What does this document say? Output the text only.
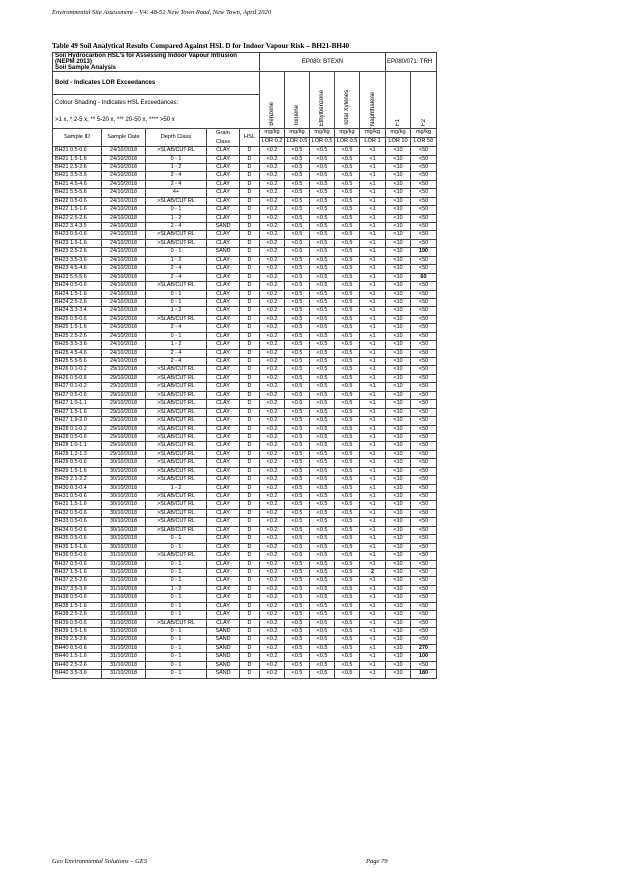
Environmental Site Assessment – V4: 48-52 New Town Road, New Town, April 2020
Table 49 Soil Analytical Results Compared Against HSL D for Indoor Vapour Risk – BH21-BH40
Soil Hydrocarbon HSL's for Assessing Indoor Vapour Intrusion
(NEPM 2013)
Soil Sample Analysis					EP080: BTEXN					EP080/071: TRH	

Bold - Indicates LOR Exceedances					Benzene	Toluene	Ethylbenzene	Total Xylenes	Naphthalene	F1	F2
Colour Shading - Indicates HSL Exceedances:											
>1 x, * 2-5 x, ** 5-20 x, *** 20-50 x, **** >50 x											
Sample ID	Sample Date	Depth Class	Grain
Class	HSL	mg/kg	mg/kg	mg/kg	mg/kg	mg/kg	mg/kg	mg/kg
					LOR 0.2	LOR 0.5	LOR 0.5	LOR 0.5	LOR 1	LOR 10	LOR 50
BH21 0.5-0.6	24/10/2018	>SLAB/CUT RL	CLAY	D	<0.2	<0.5	<0.5	<0.5	<1	<10	<50
BH21 1.5-1.6	24/10/2018	0 - 1	CLAY	D	<0.2	<0.5	<0.5	<0.5	<1	<10	<50
BH21 2.5-2.6	24/10/2018	1 - 2	CLAY	D	<0.2	<0.5	<0.5	<0.5	<1	<10	<50
BH21 3.5-3.6	24/10/2018	2 - 4	CLAY	D	<0.2	<0.5	<0.5	<0.5	<1	<10	<50
BH21 4.5-4.6	24/10/2018	2 - 4	CLAY	D	<0.2	<0.5	<0.5	<0.5	<1	<10	<50
BH21 5.5-5.6	24/10/2018	4+	CLAY	D	<0.2	<0.5	<0.5	<0.5	<1	<10	<50
BH22 0.5-0.6	24/10/2018	>SLAB/CUT RL	CLAY	D	<0.2	<0.5	<0.5	<0.5	<1	<10	<50
BH22 1.5-1.6	24/10/2018	0 - 1	CLAY	D	<0.2	<0.5	<0.5	<0.5	<1	<10	<50
BH22 2.5-2.6	24/10/2018	1 - 2	CLAY	D	<0.2	<0.5	<0.5	<0.5	<1	<10	<50
BH22 3.4-3.5	24/10/2018	2 - 4	SAND	D	<0.2	<0.5	<0.5	<0.5	<1	<10	<50
BH23 0.5-0.6	24/10/2018	>SLAB/CUT RL	CLAY	D	<0.2	<0.5	<0.5	<0.5	<1	<10	<50
BH23 1.5-1.6	24/10/2018	>SLAB/CUT RL	CLAY	D	<0.2	<0.5	<0.5	<0.5	<1	<10	<50
BH23 2.5-2.6	24/10/2018	0 - 1	SAND	D	<0.2	<0.5	<0.5	<0.5	<1	<10	190
BH23 3.5-3.6	24/10/2018	1 - 2	CLAY	D	<0.2	<0.5	<0.5	<0.5	<1	<10	<50
BH23 4.5-4.6	24/10/2018	2 - 4	CLAY	D	<0.2	<0.5	<0.5	<0.5	<1	<10	<50
BH23 5.5-5.6	24/10/2018	2 - 4	CLAY	D	<0.2	<0.5	<0.5	<0.5	<1	<10	60
BH24 0.5-0.6	24/10/2018	>SLAB/CUT RL	CLAY	D	<0.2	<0.5	<0.5	<0.5	<1	<10	<50
BH24 1.5-1.6	24/10/2018	0 - 1	CLAY	D	<0.2	<0.5	<0.5	<0.5	<1	<10	<50
BH24 2.5-2.6	24/10/2018	0 - 1	CLAY	D	<0.2	<0.5	<0.5	<0.5	<1	<10	<50
BH24 3.3-3.4	24/10/2018	1 - 2	CLAY	D	<0.2	<0.5	<0.5	<0.5	<1	<10	<50
BH25 0.5-0.6	24/10/2018	>SLAB/CUT RL	CLAY	D	<0.2	<0.5	<0.5	<0.5	<1	<10	<50
BH25 1.5-1.6	24/10/2018	2 - 4	CLAY	D	<0.2	<0.5	<0.5	<0.5	<1	<10	<50
BH25 2.5-2.6	24/10/2018	0 - 1	CLAY	D	<0.2	<0.5	<0.5	<0.5	<1	<10	<50
BH25 3.5-3.6	24/10/2018	1 - 2	CLAY	D	<0.2	<0.5	<0.5	<0.5	<1	<10	<50
BH25 4.5-4.6	24/10/2018	2 - 4	CLAY	D	<0.2	<0.5	<0.5	<0.5	<1	<10	<50
BH25 5.5-5.6	24/10/2018	2 - 4	CLAY	D	<0.2	<0.5	<0.5	<0.5	<1	<10	<50
BH26 0.1-0.2	29/10/2018	>SLAB/CUT RL	CLAY	D	<0.2	<0.5	<0.5	<0.5	<1	<10	<50
BH26 0.5-0.6	29/10/2018	>SLAB/CUT RL	CLAY	D	<0.2	<0.5	<0.5	<0.5	<1	<10	<50
BH27 0.1-0.2	29/10/2018	>SLAB/CUT RL	CLAY	D	<0.2	<0.5	<0.5	<0.5	<1	<10	<50
BH27 0.5-0.6	29/10/2018	>SLAB/CUT RL	CLAY	D	<0.2	<0.5	<0.5	<0.5	<1	<10	<50
BH27 1.0-1.1	29/10/2018	>SLAB/CUT RL	CLAY	D	<0.2	<0.5	<0.5	<0.5	<1	<10	<50
BH27 1.5-1.6	29/10/2018	>SLAB/CUT RL	CLAY	D	<0.2	<0.5	<0.5	<0.5	<1	<10	<50
BH27 1.9-2.0	29/10/2018	>SLAB/CUT RL	CLAY	D	<0.2	<0.5	<0.5	<0.5	<1	<10	<50
BH28 0.1-0.2	29/10/2018	>SLAB/CUT RL	CLAY	D	<0.2	<0.5	<0.5	<0.5	<1	<10	<50
BH28 0.5-0.6	29/10/2018	>SLAB/CUT RL	CLAY	D	<0.2	<0.5	<0.5	<0.5	<1	<10	<50
BH28 1.0-1.1	29/10/2018	>SLAB/CUT RL	CLAY	D	<0.2	<0.5	<0.5	<0.5	<1	<10	<50
BH28 1.2-1.3	29/10/2018	>SLAB/CUT RL	CLAY	D	<0.2	<0.5	<0.5	<0.5	<1	<10	<50
BH29 0.5-0.6	30/10/2018	>SLAB/CUT RL	CLAY	D	<0.2	<0.5	<0.5	<0.5	<1	<10	<50
BH29 1.5-1.6	30/10/2018	>SLAB/CUT RL	CLAY	D	<0.2	<0.5	<0.5	<0.5	<1	<10	<50
BH29 2.1-2.2	30/10/2018	>SLAB/CUT RL	CLAY	D	<0.2	<0.5	<0.5	<0.5	<1	<10	<50
BH30 0.3-0.4	30/10/2018	1 - 2	CLAY	D	<0.2	<0.5	<0.5	<0.5	<1	<10	<50
BH31 0.5-0.6	30/10/2018	>SLAB/CUT RL	CLAY	D	<0.2	<0.5	<0.5	<0.5	<1	<10	<50
BH31 1.5-1.6	30/10/2018	>SLAB/CUT RL	CLAY	D	<0.2	<0.5	<0.5	<0.5	<1	<10	<50
BH32 0.5-0.6	30/10/2018	>SLAB/CUT RL	CLAY	D	<0.2	<0.5	<0.5	<0.5	<1	<10	<50
BH33 0.5-0.6	30/10/2018	>SLAB/CUT RL	CLAY	D	<0.2	<0.5	<0.5	<0.5	<1	<10	<50
BH34 0.5-0.6	30/10/2018	>SLAB/CUT RL	CLAY	D	<0.2	<0.5	<0.5	<0.5	<1	<10	<50
BH35 0.5-0.6	30/10/2018	0 - 1	CLAY	D	<0.2	<0.5	<0.5	<0.5	<1	<10	<50
BH35 1.5-1.6	30/10/2018	0 - 1	CLAY	D	<0.2	<0.5	<0.5	<0.5	<1	<10	<50
BH36 0.5-0.6	31/10/2018	>SLAB/CUT RL	CLAY	D	<0.2	<0.5	<0.5	<0.5	<1	<10	<50
BH37 0.5-0.6	31/10/2018	0 - 1	CLAY	D	<0.2	<0.5	<0.5	<0.5	<1	<10	<50
BH37 1.5-1.6	31/10/2018	0 - 1	CLAY	D	<0.2	<0.5	<0.5	<0.5	2	<10	<50
BH37 2.5-2.6	31/10/2018	0 - 1	CLAY	D	<0.2	<0.5	<0.5	<0.5	<1	<10	<50
BH37 3.5-3.6	31/10/2018	1 - 2	CLAY	D	<0.2	<0.5	<0.5	<0.5	<1	<10	<50
BH38 0.5-0.6	31/10/2018	0 - 1	CLAY	D	<0.2	<0.5	<0.5	<0.5	<1	<10	<50
BH38 1.5-1.6	31/10/2018	0 - 1	CLAY	D	<0.2	<0.5	<0.5	<0.5	<1	<10	<50
BH38 2.5-2.6	31/10/2018	0 - 1	CLAY	D	<0.2	<0.5	<0.5	<0.5	<1	<10	<50
BH39 0.5-0.6	31/10/2018	>SLAB/CUT RL	CLAY	D	<0.2	<0.5	<0.5	<0.5	<1	<10	<50
BH39 1.5-1.6	31/10/2018	0 - 1	SAND	D	<0.2	<0.5	<0.5	<0.5	<1	<10	<50
BH39 2.5-2.6	31/10/2018	0 - 1	SAND	D	<0.2	<0.5	<0.5	<0.5	<1	<10	<50
BH40 0.5-0.6	31/10/2018	0 - 1	SAND	D	<0.2	<0.5	<0.5	<0.5	<1	<10	270
BH40 1.5-1.6	31/10/2018	0 - 1	SAND	D	<0.2	<0.5	<0.5	<0.5	<1	<10	100
BH40 2.5-2.6	31/10/2018	0 - 1	SAND	D	<0.2	<0.5	<0.5	<0.5	<1	<10	<50
BH40 3.5-3.6	31/10/2018	0 - 1	SAND	D	<0.2	<0.5	<0.5	<0.5	<1	<10	180
Geo Environmental Solutions – GES	Page 79
